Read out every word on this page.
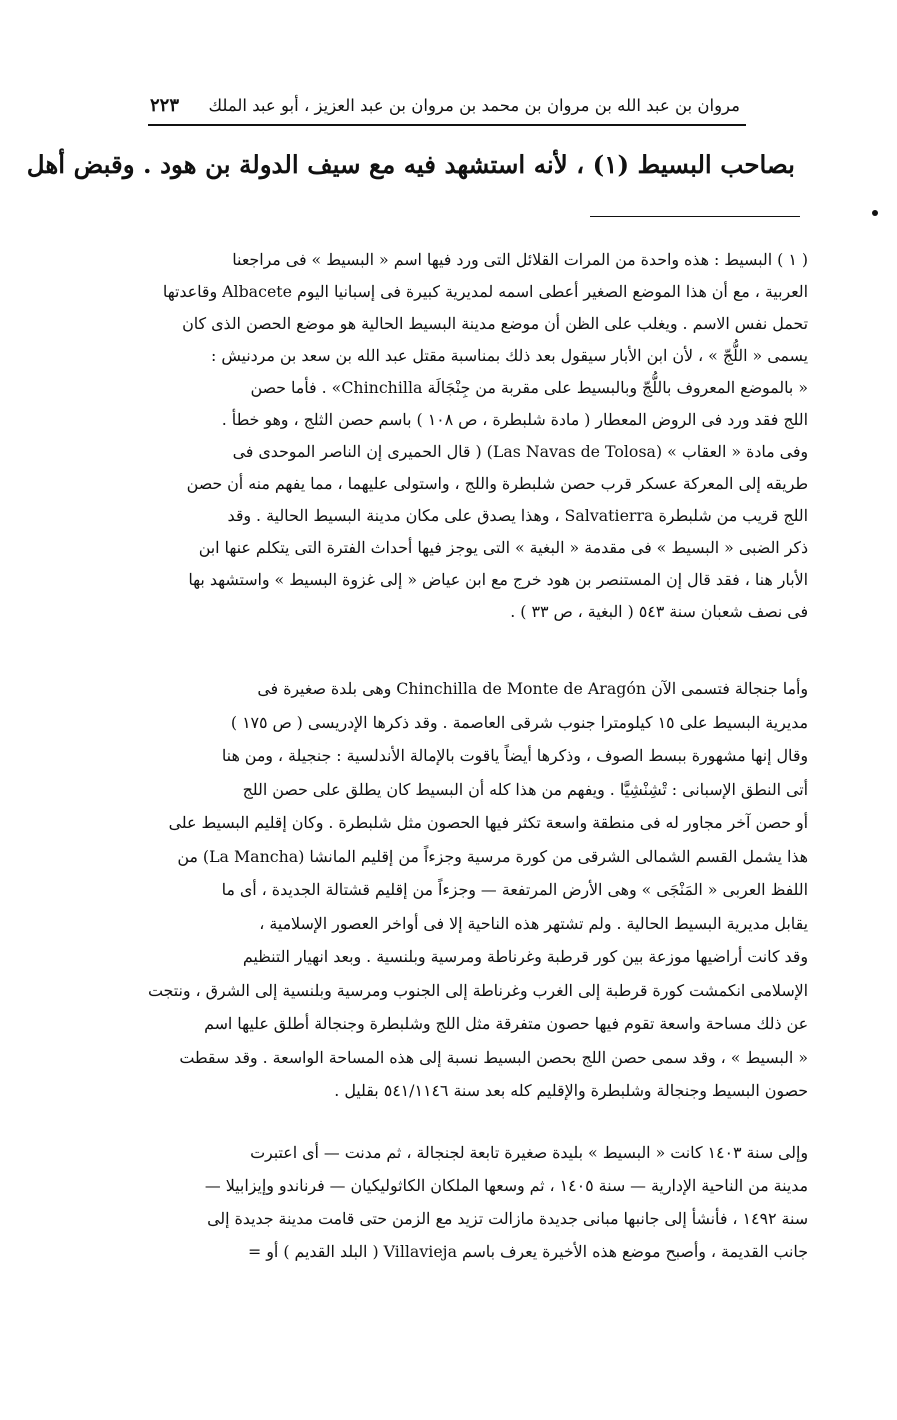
مروان بن عبد الله بن مروان بن محمد بن مروان بن عبد العزيز ، أبو عبد الملك
٢٢٣
بصاحب البسيط (١) ، لأنه استشهد فيه مع سيف الدولة بن هود . وقبض أهل
( ١ ) البسيط : هذه واحدة من المرات القلائل التى ورد فيها اسم « البسيط » فى مراجعنا
العربية ، مع أن هذا الموضع الصغير أعطى اسمه لمديرية كبيرة فى إسبانيا اليوم Albacete وقاعدتها
تحمل نفس الاسم . ويغلب على الظن أن موضع مدينة البسيط الحالية هو موضع الحصن الذى كان
يسمى « اللُّجّ » ، لأن ابن الأبار سيقول بعد ذلك بمناسبة مقتل عبد الله بن سعد بن مردنيش :
« بالموضع المعروف باللُّجّ وبالبسيط على مقربة من جِنْجَالَة Chinchilla» . فأما حصن
اللج فقد ورد فى الروض المعطار ( مادة شلبطرة ، ص ١٠٨ ) باسم حصن الثلج ، وهو خطأ .
وفى مادة « العقاب » (Las Navas de Tolosa) ( قال الحميرى إن الناصر الموحدى فى
طريقه إلى المعركة عسكر قرب حصن شلبطرة واللج ، واستولى عليهما ، مما يفهم منه أن حصن
اللج قريب من شلبطرة Salvatierra ، وهذا يصدق على مكان مدينة البسيط الحالية . وقد
ذكر الضبى « البسيط » فى مقدمة « البغية » التى يوجز فيها أحداث الفترة التى يتكلم عنها ابن
الأبار هنا ، فقد قال إن المستنصر بن هود خرج مع ابن عياض « إلى غزوة البسيط » واستشهد بها
فى نصف شعبان سنة ٥٤٣ ( البغية ، ص ٣٣ ) .
وأما جنجالة فتسمى الآن Chinchilla de Monte de Aragón وهى بلدة صغيرة فى
مديرية البسيط على ١٥ كيلومترا جنوب شرقى العاصمة . وقد ذكرها الإدريسى ( ص ١٧٥ )
وقال إنها مشهورة ببسط الصوف ، وذكرها أيضاً ياقوت بالإمالة الأندلسية : جنجيلة ، ومن هنا
أتى النطق الإسبانى : تْشِنْشِيَّا . ويفهم من هذا كله أن البسيط كان يطلق على حصن اللج
أو حصن آخر مجاور له فى منطقة واسعة تكثر فيها الحصون مثل شلبطرة . وكان إقليم البسيط على
هذا يشمل القسم الشمالى الشرقى من كورة مرسية وجزءاً من إقليم المانشا (La Mancha) من
اللفظ العربى « المَنْجَى » وهى الأرض المرتفعة — وجزءاً من إقليم قشتالة الجديدة ، أى ما
يقابل مديرية البسيط الحالية . ولم تشتهر هذه الناحية إلا فى أواخر العصور الإسلامية ،
وقد كانت أراضيها موزعة بين كور قرطبة وغرناطة ومرسية وبلنسية . وبعد انهيار التنظيم
الإسلامى انكمشت كورة قرطبة إلى الغرب وغرناطة إلى الجنوب ومرسية وبلنسية إلى الشرق ، ونتجت
عن ذلك مساحة واسعة تقوم فيها حصون متفرقة مثل اللج وشلبطرة وجنجالة أطلق عليها اسم
« البسيط » ، وقد سمى حصن اللج بحصن البسيط نسبة إلى هذه المساحة الواسعة . وقد سقطت
حصون البسيط وجنجالة وشلبطرة والإقليم كله بعد سنة ٥٤١/١١٤٦ بقليل .
وإلى سنة ١٤٠٣ كانت « البسيط » بليدة صغيرة تابعة لجنجالة ، ثم مدنت — أى اعتبرت
مدينة من الناحية الإدارية — سنة ١٤٠٥ ، ثم وسعها الملكان الكاثوليكيان — فرناندو وإيزابيلا —
سنة ١٤٩٢ ، فأنشأ إلى جانبها مبانى جديدة مازالت تزيد مع الزمن حتى قامت مدينة جديدة إلى
جانب القديمة ، وأصبح موضع هذه الأخيرة يعرف باسم Villavieja ( البلد القديم ) أو =
